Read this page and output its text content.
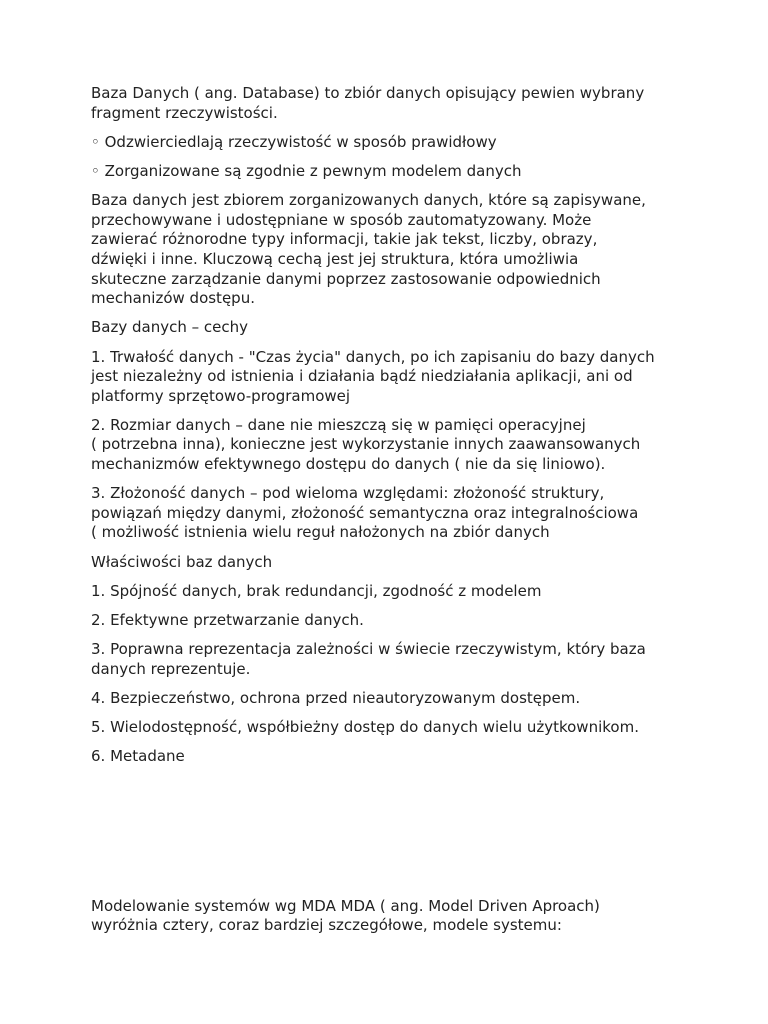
Baza Danych ( ang. Database) to zbiór danych opisujący pewien wybrany
fragment rzeczywistości.

◦ Odzwierciedlają rzeczywistość w sposób prawidłowy

◦ Zorganizowane są zgodnie z pewnym modelem danych

Baza danych jest zbiorem zorganizowanych danych, które są zapisywane,
przechowywane i udostępniane w sposób zautomatyzowany. Może
zawierać różnorodne typy informacji, takie jak tekst, liczby, obrazy,
dźwięki i inne. Kluczową cechą jest jej struktura, która umożliwia
skuteczne zarządzanie danymi poprzez zastosowanie odpowiednich
mechanizów dostępu.

Bazy danych – cechy

1. Trwałość danych - "Czas życia" danych, po ich zapisaniu do bazy danych
jest niezależny od istnienia i działania bądź niedziałania aplikacji, ani od
platformy sprzętowo-programowej

2. Rozmiar danych – dane nie mieszczą się w pamięci operacyjnej
( potrzebna inna), konieczne jest wykorzystanie innych zaawansowanych
mechanizmów efektywnego dostępu do danych ( nie da się liniowo).

3. Złożoność danych – pod wieloma względami: złożoność struktury,
powiązań między danymi, złożoność semantyczna oraz integralnościowa
( możliwość istnienia wielu reguł nałożonych na zbiór danych

Właściwości baz danych

1. Spójność danych, brak redundancji, zgodność z modelem

2. Efektywne przetwarzanie danych.

3. Poprawna reprezentacja zależności w świecie rzeczywistym, który baza
danych reprezentuje.

4. Bezpieczeństwo, ochrona przed nieautoryzowanym dostępem.

5. Wielodostępność, współbieżny dostęp do danych wielu użytkownikom.

6. Metadane

Modelowanie systemów wg MDA MDA ( ang. Model Driven Aproach)
wyróżnia cztery, coraz bardziej szczegółowe, modele systemu:
